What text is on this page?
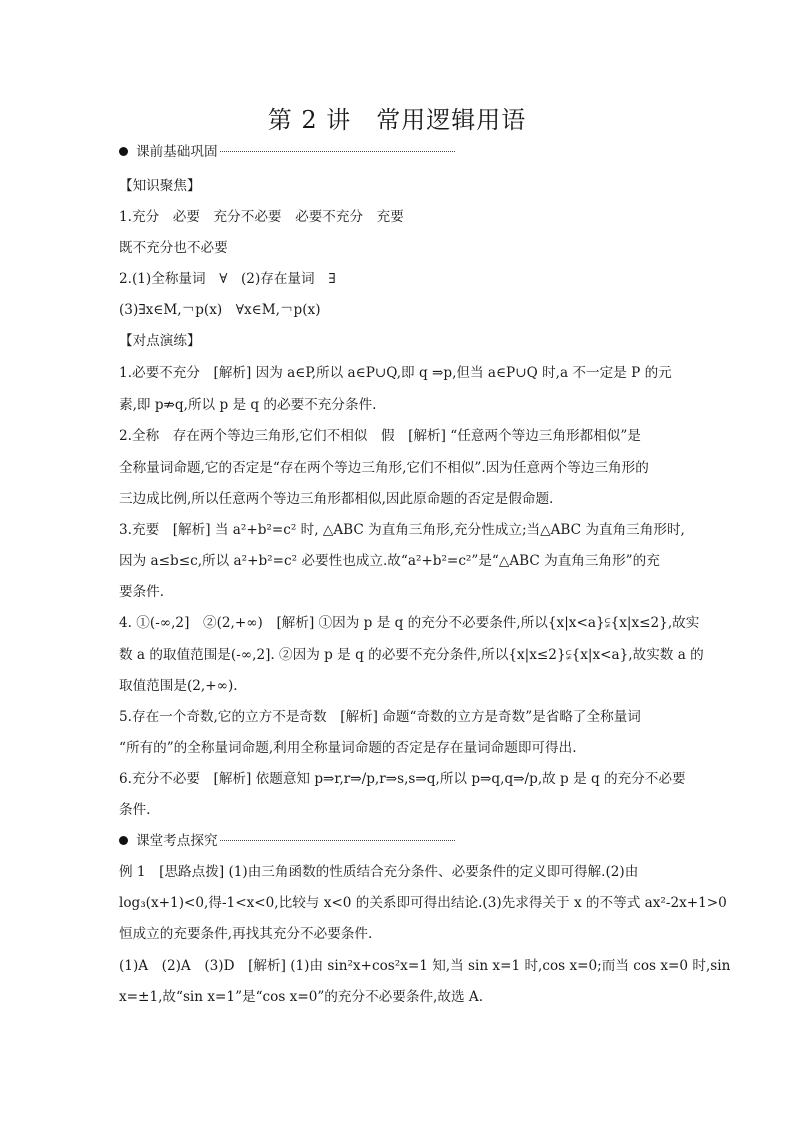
第 2 讲　常用逻辑用语
课前基础巩固
【知识聚焦】
1.充分　必要　充分不必要　必要不充分　充要
既不充分也不必要
2.(1)全称量词　∀　(2)存在量词　∃
(3)∃x∈M,￢p(x)　∀x∈M,￢p(x)
【对点演练】
1.必要不充分　[解析] 因为 a∈P,所以 a∈P∪Q,即 q ⇒p,但当 a∈P∪Q 时,a 不一定是 P 的元
素,即 p⇏q,所以 p 是 q 的必要不充分条件.
2.全称　存在两个等边三角形,它们不相似　假　[解析] “任意两个等边三角形都相似”是
全称量词命题,它的否定是“存在两个等边三角形,它们不相似”.因为任意两个等边三角形的
三边成比例,所以任意两个等边三角形都相似,因此原命题的否定是假命题.
3.充要　[解析] 当 a²+b²=c² 时, △ABC 为直角三角形,充分性成立;当△ABC 为直角三角形时,
因为 a≤b≤c,所以 a²+b²=c² 必要性也成立.故“a²+b²=c²”是“△ABC 为直角三角形”的充
要条件.
4. ①(-∞,2]　②(2,+∞)　[解析] ①因为 p 是 q 的充分不必要条件,所以{x|x<a}⫋{x|x≤2},故实
数 a 的取值范围是(-∞,2]. ②因为 p 是 q 的必要不充分条件,所以{x|x≤2}⫋{x|x<a},故实数 a 的
取值范围是(2,+∞).
5.存在一个奇数,它的立方不是奇数　[解析] 命题“奇数的立方是奇数”是省略了全称量词
“所有的”的全称量词命题,利用全称量词命题的否定是存在量词命题即可得出.
6.充分不必要　[解析] 依题意知 p⇒r,r⇒/p,r⇒s,s⇒q,所以 p⇒q,q⇒/p,故 p 是 q 的充分不必要
条件.
课堂考点探究
例 1　[思路点拨] (1)由三角函数的性质结合充分条件、必要条件的定义即可得解.(2)由
log₃(x+1)<0,得-1<x<0,比较与 x<0 的关系即可得出结论.(3)先求得关于 x 的不等式 ax²-2x+1>0
恒成立的充要条件,再找其充分不必要条件.
(1)A　(2)A　(3)D　[解析] (1)由 sin²x+cos²x=1 知,当 sin x=1 时,cos x=0;而当 cos x=0 时,sin
x=±1,故“sin x=1”是“cos x=0”的充分不必要条件,故选 A.
